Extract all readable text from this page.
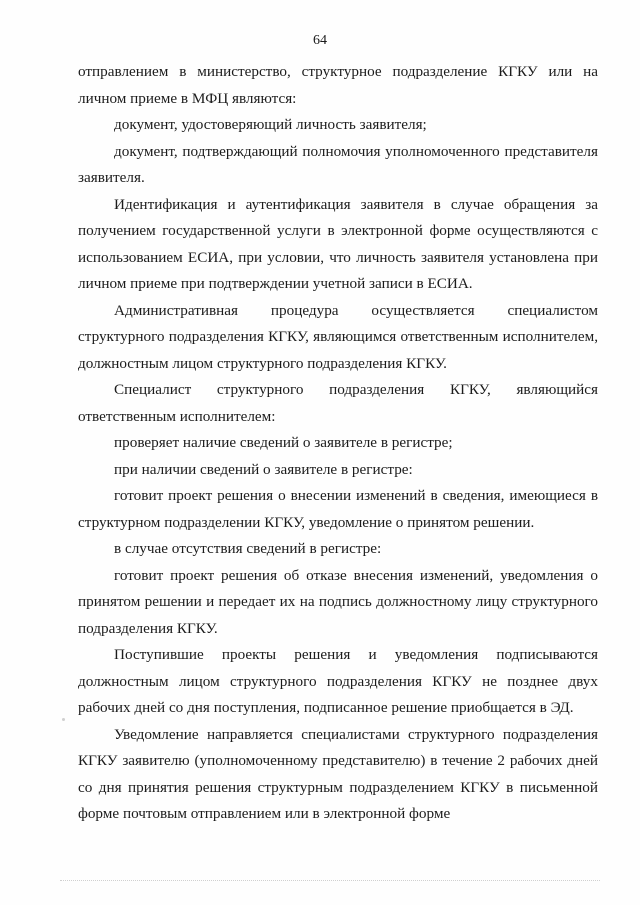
64

отправлением в министерство, структурное подразделение КГКУ или на личном приеме в МФЦ являются:

документ, удостоверяющий личность заявителя;

документ, подтверждающий полномочия уполномоченного представителя заявителя.

Идентификация и аутентификация заявителя в случае обращения за получением государственной услуги в электронной форме осуществляются с использованием ЕСИА, при условии, что личность заявителя установлена при личном приеме при подтверждении учетной записи в ЕСИА.

Административная процедура осуществляется специалистом структурного подразделения КГКУ, являющимся ответственным исполнителем, должностным лицом структурного подразделения КГКУ.

Специалист структурного подразделения КГКУ, являющийся ответственным исполнителем:

проверяет наличие сведений о заявителе в регистре;

при наличии сведений о заявителе в регистре:

готовит проект решения о внесении изменений в сведения, имеющиеся в структурном подразделении КГКУ, уведомление о принятом решении.

в случае отсутствия сведений в регистре:

готовит проект решения об отказе внесения изменений, уведомления о принятом решении и передает их на подпись должностному лицу структурного подразделения КГКУ.

Поступившие проекты решения и уведомления подписываются должностным лицом структурного подразделения КГКУ не позднее двух рабочих дней со дня поступления, подписанное решение приобщается в ЭД.

Уведомление направляется специалистами структурного подразделения КГКУ заявителю (уполномоченному представителю) в течение 2 рабочих дней со дня принятия решения структурным подразделением КГКУ в письменной форме почтовым отправлением или в электронной форме
